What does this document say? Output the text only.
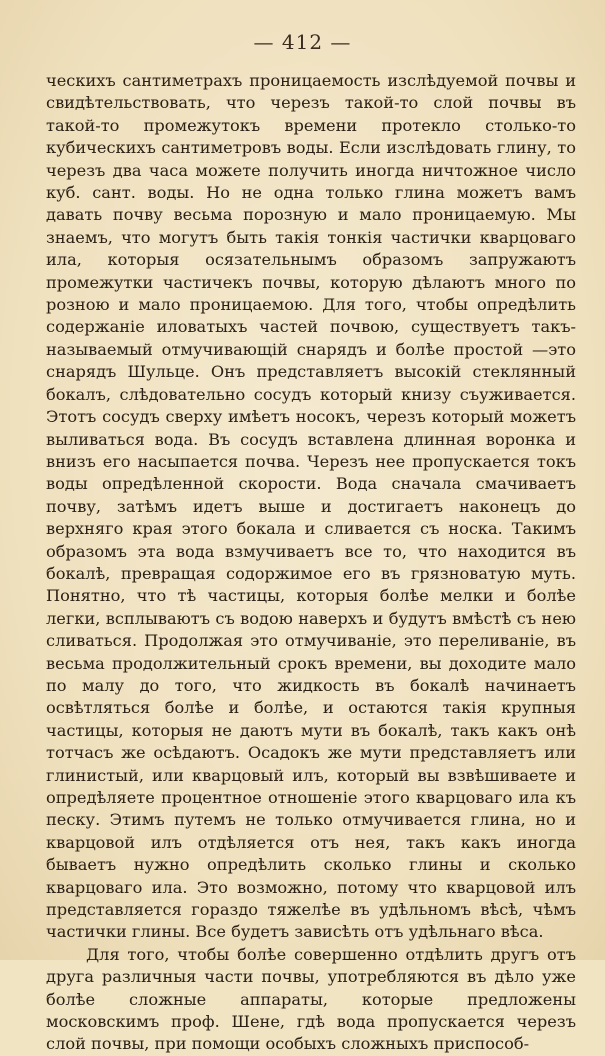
— 412 —

ческихъ сантиметрахъ проницаемость изслѣдуемой почвы и свидѣтельствовать, что черезъ такой-то слой почвы въ такой-то промежутокъ времени протекло столько-то кубическихъ сантиметровъ воды. Если изслѣдовать глину, то черезъ два часа можете получить иногда ничтожное число куб. сант. воды. Но не одна только глина можетъ вамъ давать почву весьма порозную и мало проницаемую. Мы знаемъ, что могутъ быть такія тонкія частички кварцоваго ила, которыя осязательнымъ образомъ запружаютъ промежутки частичекъ почвы, которую дѣлаютъ много по розною и мало проницаемою. Для того, чтобы опредѣлить содержаніе иловатыхъ частей почвою, существуетъ такъ-называемый отмучивающій снарядъ и болѣе простой —это снарядъ Шульце. Онъ представляетъ высокій стеклянный бокалъ, слѣдовательно сосудъ который книзу съуживается. Этотъ сосудъ сверху имѣетъ носокъ, черезъ который можетъ выливаться вода. Въ сосудъ вставлена длинная воронка и внизъ его насыпается почва. Черезъ нее пропускается токъ воды опредѣленной скорости. Вода сначала смачиваетъ почву, затѣмъ идетъ выше и достигаетъ наконецъ до верхняго края этого бокала и сливается съ носка. Такимъ образомъ эта вода взмучиваетъ все то, что находится въ бокалѣ, превращая содоржимое его въ грязноватую муть. Понятно, что тѣ частицы, которыя болѣе мелки и болѣе легки, всплываютъ съ водою наверхъ и будутъ вмѣстѣ съ нею сливаться. Продолжая это отмучиваніе, это переливаніе, въ весьма продолжительный срокъ времени, вы доходите мало по малу до того, что жидкость въ бокалѣ начинаетъ освѣтляться болѣе и болѣе, и остаются такія крупныя частицы, которыя не даютъ мути въ бокалѣ, такъ какъ онѣ тотчасъ же осѣдаютъ. Осадокъ же мути представляетъ или глинистый, или кварцовый илъ, который вы взвѣшиваете и опредѣляете процентное отношеніе этого кварцоваго ила къ песку. Этимъ путемъ не только отмучивается глина, но и кварцовой илъ отдѣляется отъ нея, такъ какъ иногда бываетъ нужно опредѣлить сколько глины и сколько кварцоваго ила. Это возможно, потому что кварцовой илъ представляется гораздо тяжелѣе въ удѣльномъ вѣсѣ, чѣмъ частички глины. Все будетъ зависѣть отъ удѣльнаго вѣса.

Для того, чтобы болѣе совершенно отдѣлить другъ отъ друга различныя части почвы, употребляются въ дѣло уже болѣе сложные аппараты, которые предложены московскимъ проф. Шене, гдѣ вода пропускается черезъ слой почвы, при помощи особыхъ сложныхъ приспособ-
